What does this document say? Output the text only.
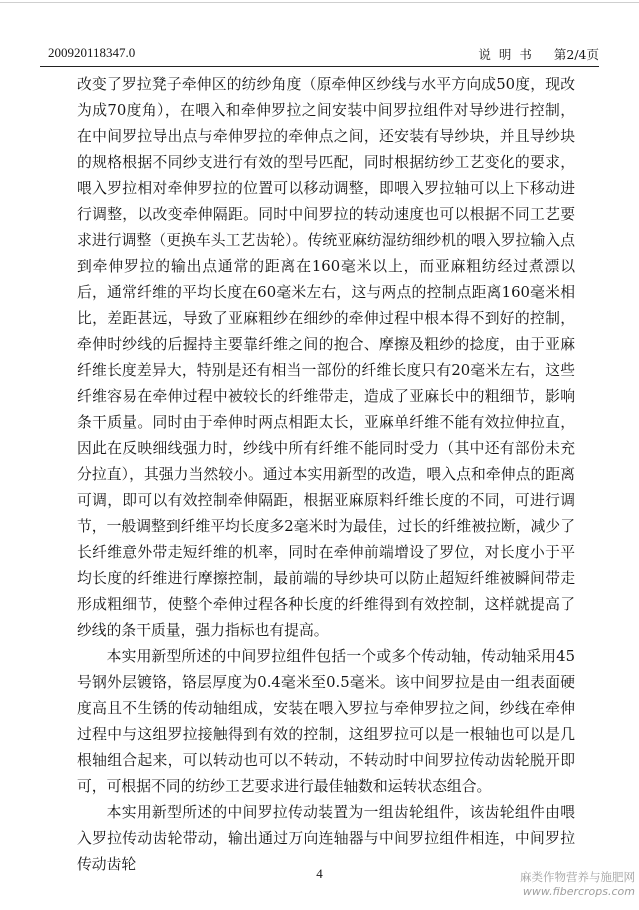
200920118347.0	说明书 第2/4页

改变了罗拉凳子牵伸区的纺纱角度（原牵伸区纱线与水平方向成50度，现改为成70度角），在喂入和牵伸罗拉之间安装中间罗拉组件对导纱进行控制，在中间罗拉导出点与牵伸罗拉的牵伸点之间，还安装有导纱块，并且导纱块的规格根据不同纱支进行有效的型号匹配，同时根据纺纱工艺变化的要求，喂入罗拉相对牵伸罗拉的位置可以移动调整，即喂入罗拉轴可以上下移动进行调整，以改变牵伸隔距。同时中间罗拉的转动速度也可以根据不同工艺要求进行调整（更换车头工艺齿轮）。传统亚麻纺湿纺细纱机的喂入罗拉输入点到牵伸罗拉的输出点通常的距离在160毫米以上，而亚麻粗纺经过煮漂以后，通常纤维的平均长度在60毫米左右，这与两点的控制点距离160毫米相比，差距甚远，导致了亚麻粗纱在细纱的牵伸过程中根本得不到好的控制，牵伸时纱线的后握持主要靠纤维之间的抱合、摩擦及粗纱的捻度，由于亚麻纤维长度差异大，特别是还有相当一部份的纤维长度只有20毫米左右，这些纤维容易在牵伸过程中被较长的纤维带走，造成了亚麻长中的粗细节，影响条干质量。同时由于牵伸时两点相距太长，亚麻单纤维不能有效拉伸拉直，因此在反映细线强力时，纱线中所有纤维不能同时受力（其中还有部份未充分拉直），其强力当然较小。通过本实用新型的改造，喂入点和牵伸点的距离可调，即可以有效控制牵伸隔距，根据亚麻原料纤维长度的不同，可进行调节，一般调整到纤维平均长度多2毫米时为最佳，过长的纤维被拉断，减少了长纤维意外带走短纤维的机率，同时在牵伸前端增设了罗位，对长度小于平均长度的纤维进行摩擦控制，最前端的导纱块可以防止超短纤维被瞬间带走形成粗细节，使整个牵伸过程各种长度的纤维得到有效控制，这样就提高了纱线的条干质量，强力指标也有提高。

本实用新型所述的中间罗拉组件包括一个或多个传动轴，传动轴采用45号钢外层镀铬，铬层厚度为0.4毫米至0.5毫米。该中间罗拉是由一组表面硬度高且不生锈的传动轴组成，安装在喂入罗拉与牵伸罗拉之间，纱线在牵伸过程中与这组罗拉接触得到有效的控制，这组罗拉可以是一根轴也可以是几根轴组合起来，可以转动也可以不转动，不转动时中间罗拉传动齿轮脱开即可，可根据不同的纺纱工艺要求进行最佳轴数和运转状态组合。

本实用新型所述的中间罗拉传动装置为一组齿轮组件，该齿轮组件由喂入罗拉传动齿轮带动，输出通过万向连轴器与中间罗拉组件相连，中间罗拉传动齿轮

4	麻类作物营养与施肥网
www.fibercrops.com
